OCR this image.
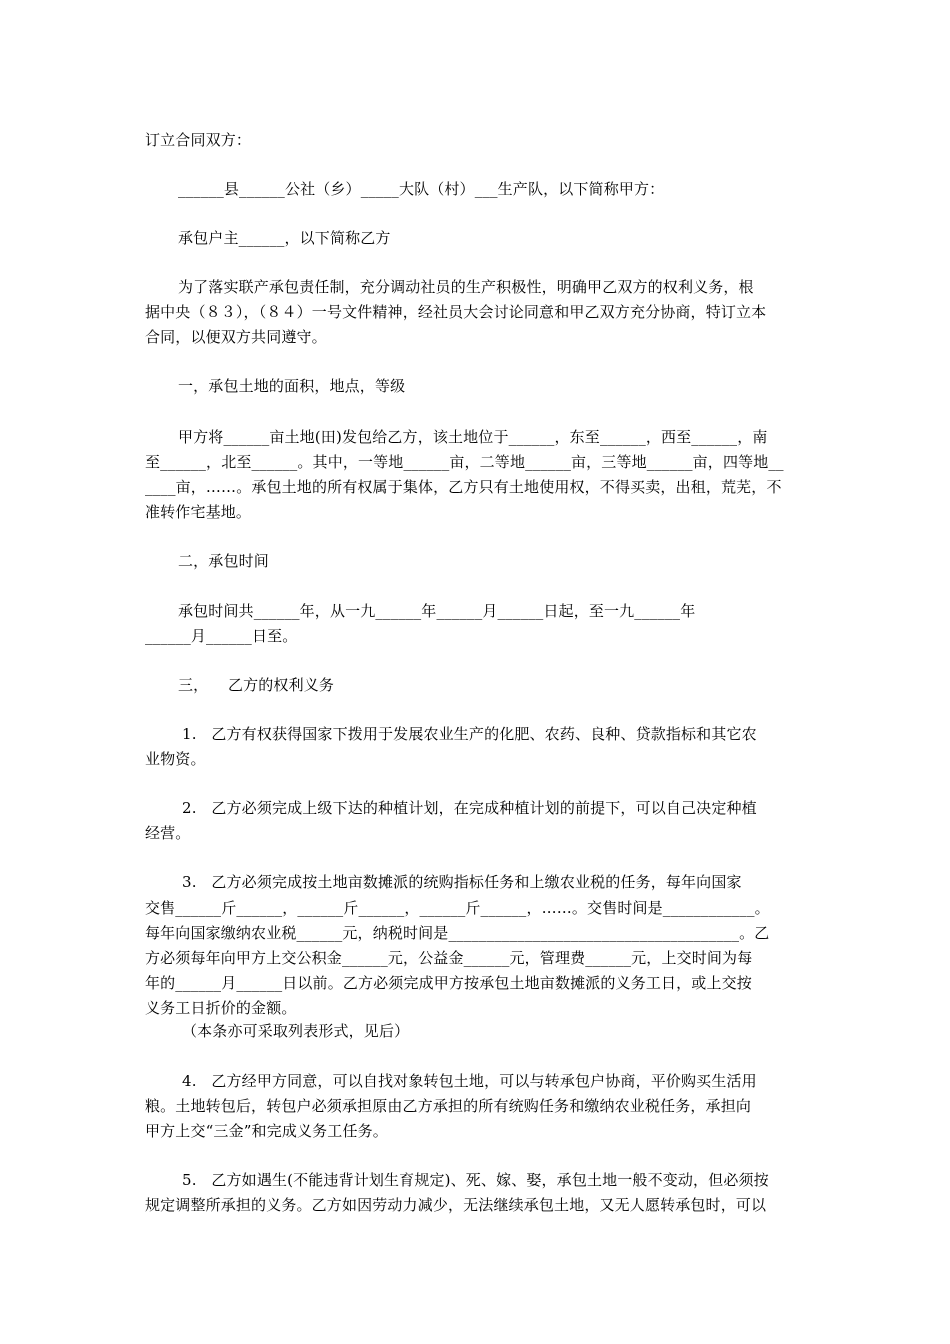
订立合同双方：
______县______公社（乡）_____大队（村）___生产队，以下简称甲方：
承包户主______，以下简称乙方
为了落实联产承包责任制，充分调动社员的生产积极性，明确甲乙双方的权利义务，根
据中央（８３），（８４）一号文件精神，经社员大会讨论同意和甲乙双方充分协商，特订立本
合同，以便双方共同遵守。
一，承包土地的面积，地点，等级
甲方将______亩土地(田)发包给乙方，该土地位于______，东至______，西至______，南
至______，北至______。其中，一等地______亩，二等地______亩，三等地______亩，四等地__
____亩，……。承包土地的所有权属于集体，乙方只有土地使用权，不得买卖，出租，荒芜，不
准转作宅基地。
二，承包时间
承包时间共______年，从一九______年______月______日起，至一九______年
______月______日至。
三，    乙方的权利义务
1.   乙方有权获得国家下拨用于发展农业生产的化肥、农药、良种、贷款指标和其它农
业物资。
2.   乙方必须完成上级下达的种植计划，在完成种植计划的前提下，可以自己决定种植
经营。
3.   乙方必须完成按土地亩数摊派的统购指标任务和上缴农业税的任务，每年向国家
交售______斤______，______斤______，______斤______，……。交售时间是____________。
每年向国家缴纳农业税______元，纳税时间是______________________________________。乙
方必须每年向甲方上交公积金______元，公益金______元，管理费______元，上交时间为每
年的______月______日以前。乙方必须完成甲方按承包土地亩数摊派的义务工日，或上交按
义务工日折价的金额。
（本条亦可采取列表形式，见后）
4.   乙方经甲方同意，可以自找对象转包土地，可以与转承包户协商，平价购买生活用
粮。土地转包后，转包户必须承担原由乙方承担的所有统购任务和缴纳农业税任务，承担向
甲方上交“三金”和完成义务工任务。
5.   乙方如遇生(不能违背计划生育规定)、死、嫁、娶，承包土地一般不变动，但必须按
规定调整所承担的义务。乙方如因劳动力减少，无法继续承包土地，又无人愿转承包时，可以
